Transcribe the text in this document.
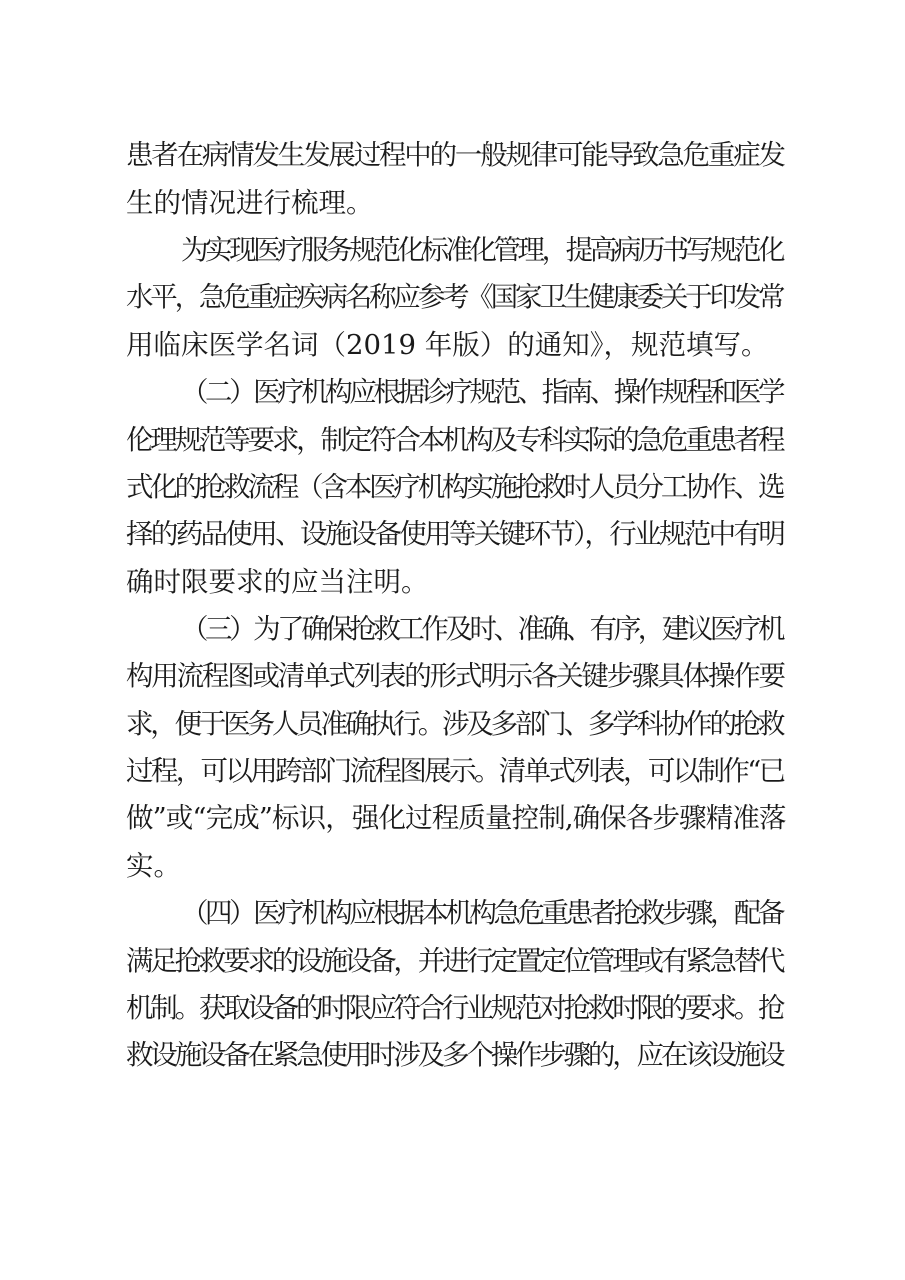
患者在病情发生发展过程中的一般规律可能导致急危重症发
生的情况进行梳理。
为实现医疗服务规范化标准化管理，提高病历书写规范化
水平，急危重症疾病名称应参考《国家卫生健康委关于印发常
用临床医学名词（2019 年版）的通知》，规范填写。
（二）医疗机构应根据诊疗规范、指南、操作规程和医学
伦理规范等要求，制定符合本机构及专科实际的急危重患者程
式化的抢救流程（含本医疗机构实施抢救时人员分工协作、选
择的药品使用、设施设备使用等关键环节），行业规范中有明
确时限要求的应当注明。
（三）为了确保抢救工作及时、准确、有序，建议医疗机
构用流程图或清单式列表的形式明示各关键步骤具体操作要
求，便于医务人员准确执行。涉及多部门、多学科协作的抢救
过程，可以用跨部门流程图展示。清单式列表，可以制作“已
做”或“完成”标识，强化过程质量控制,确保各步骤精准落
实。
（四）医疗机构应根据本机构急危重患者抢救步骤，配备
满足抢救要求的设施设备，并进行定置定位管理或有紧急替代
机制。获取设备的时限应符合行业规范对抢救时限的要求。抢
救设施设备在紧急使用时涉及多个操作步骤的，应在该设施设
